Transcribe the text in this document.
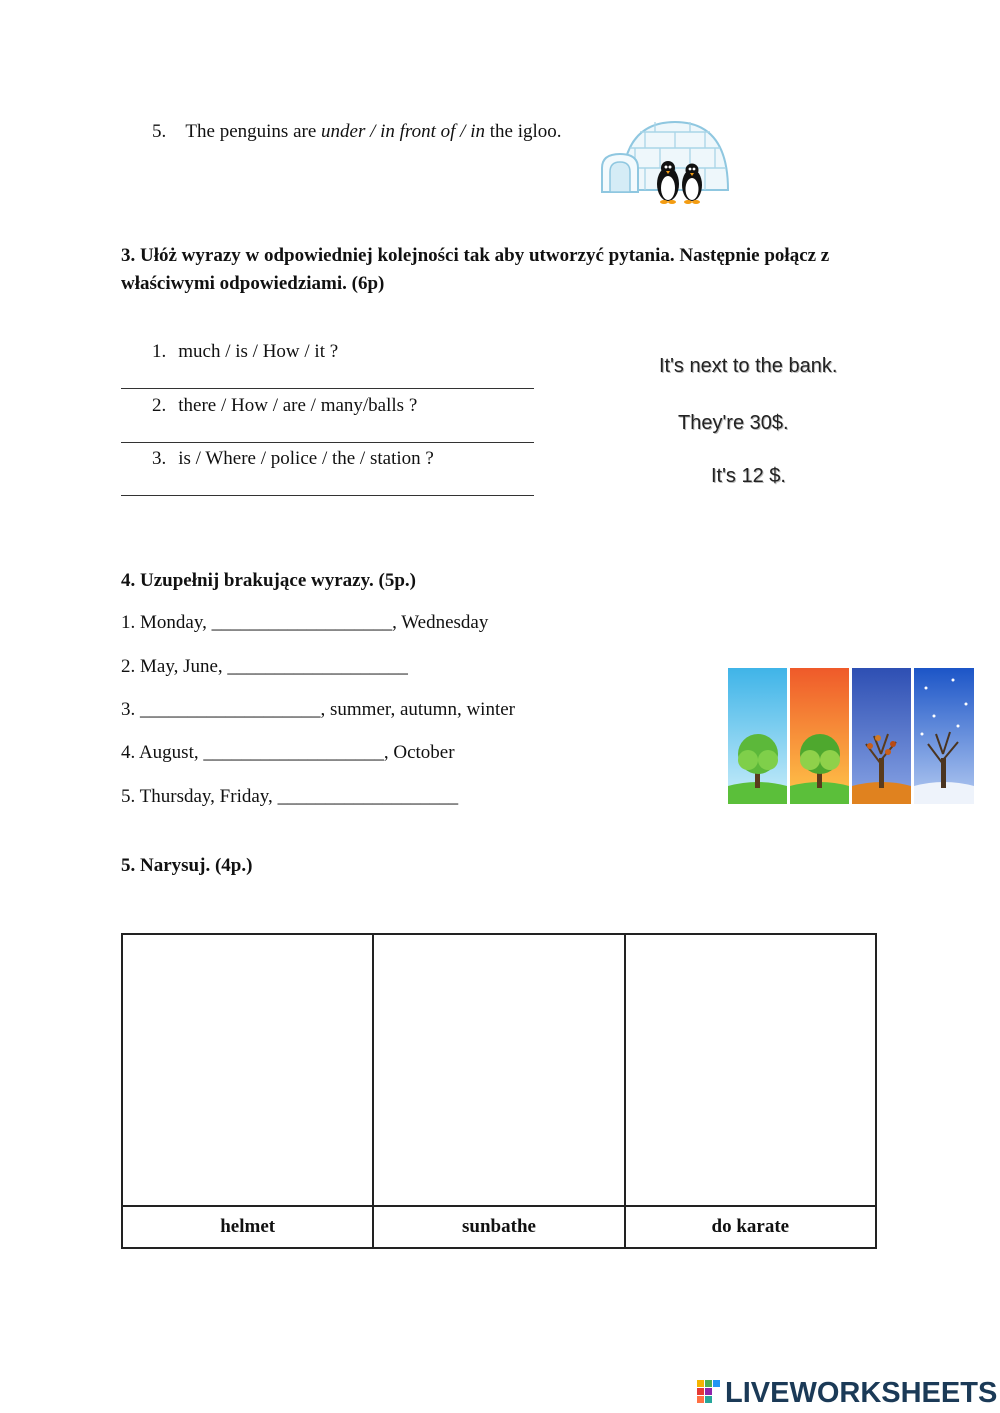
5. The penguins are under / in front of / in the igloo.
3. Ułóż wyrazy w odpowiedniej kolejności tak aby utworzyć pytania. Następnie połącz z
właściwymi odpowiedziami. (6p)
1. much / is / How / it ?
2. there / How / are / many/balls ?
3. is / Where / police / the / station ?
It's next to the bank.
They're 30$.
It's 12 $.
4. Uzupełnij brakujące wyrazy. (5p.)
1. Monday, ___________________, Wednesday
2. May, June, ___________________
3. ___________________, summer, autumn, winter
4. August, ___________________, October
5. Thursday, Friday, ___________________
5. Narysuj. (4p.)

helmet	sunbathe	do karate
LIVEWORKSHEETS
